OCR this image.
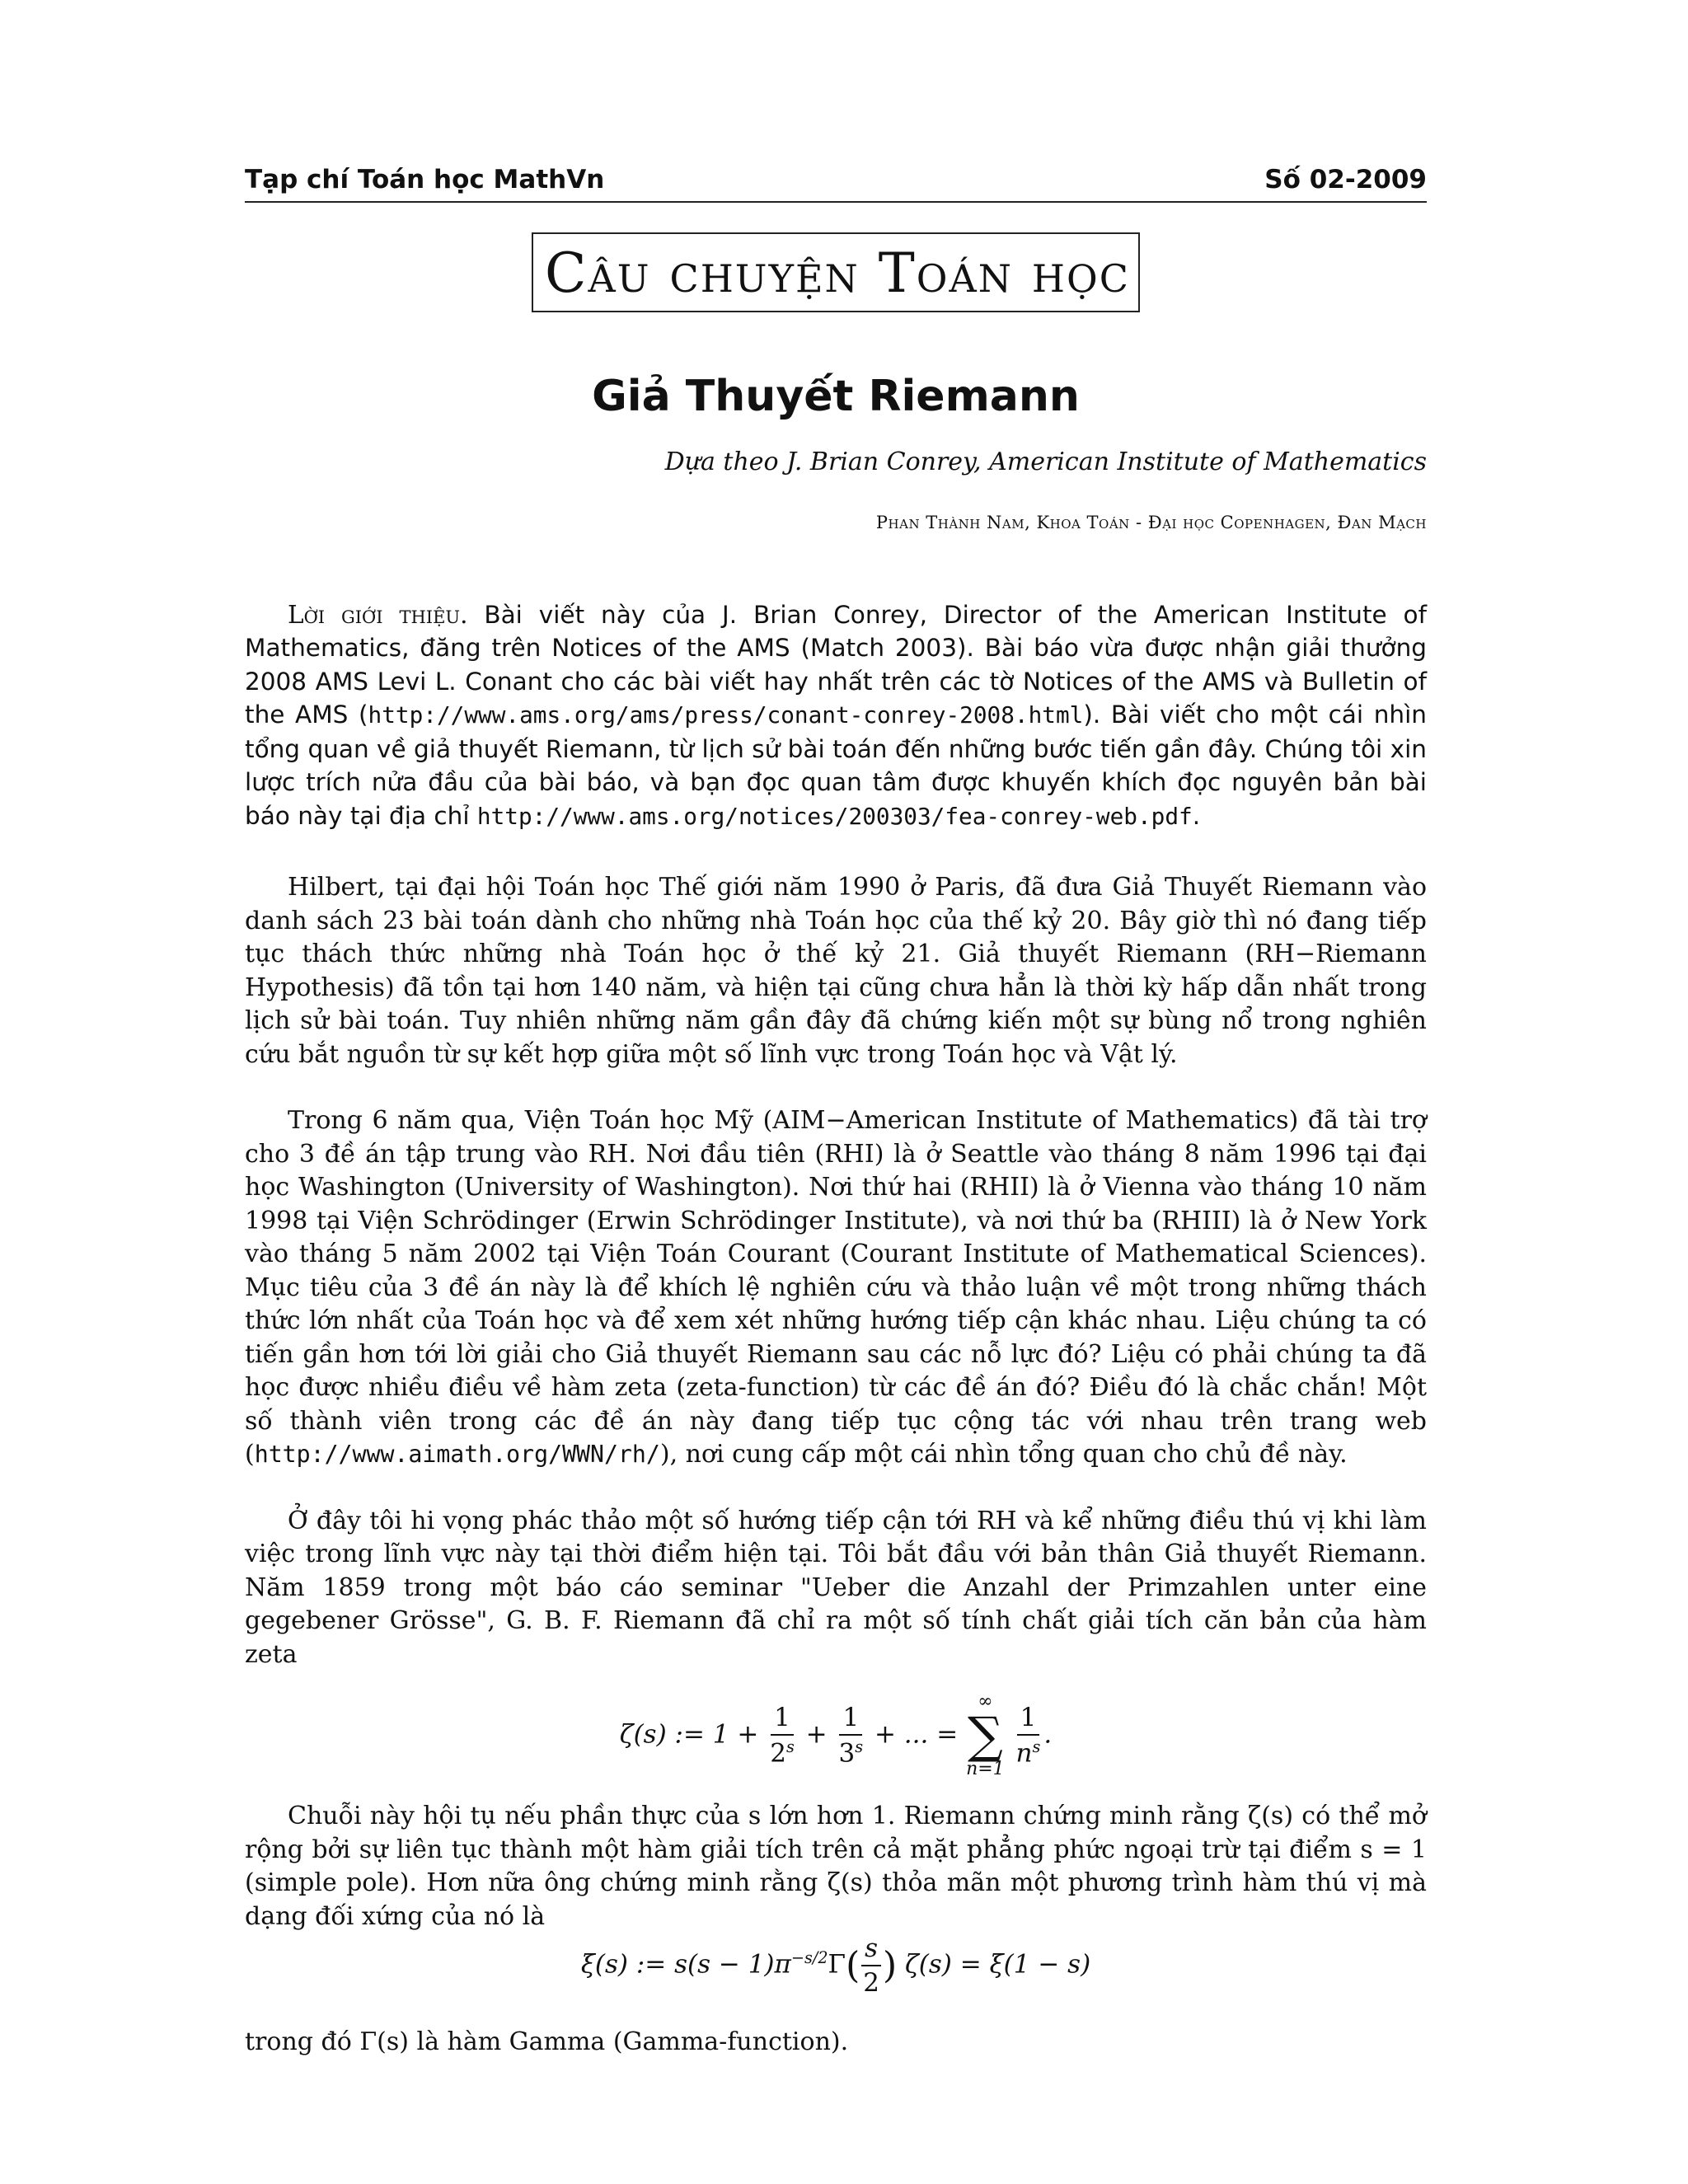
Tạp chí Toán học MathVn	Số 02-2009
Câu chuyện Toán học
Giả Thuyết Riemann
Dựa theo J. Brian Conrey, American Institute of Mathematics
Phan Thành Nam, Khoa Toán - Đại học Copenhagen, Đan Mạch

Lời giới thiệu. Bài viết này của J. Brian Conrey, Director of the American Institute of Mathematics, đăng trên Notices of the AMS (Match 2003). Bài báo vừa được nhận giải thưởng 2008 AMS Levi L. Conant cho các bài viết hay nhất trên các tờ Notices of the AMS và Bulletin of the AMS (http://www.ams.org/ams/press/conant-conrey-2008.html). Bài viết cho một cái nhìn tổng quan về giả thuyết Riemann, từ lịch sử bài toán đến những bước tiến gần đây. Chúng tôi xin lược trích nửa đầu của bài báo, và bạn đọc quan tâm được khuyến khích đọc nguyên bản bài báo này tại địa chỉ http://www.ams.org/notices/200303/fea-conrey-web.pdf.

Hilbert, tại đại hội Toán học Thế giới năm 1990 ở Paris, đã đưa Giả Thuyết Riemann vào danh sách 23 bài toán dành cho những nhà Toán học của thế kỷ 20. Bây giờ thì nó đang tiếp tục thách thức những nhà Toán học ở thế kỷ 21. Giả thuyết Riemann (RH−Riemann Hypothesis) đã tồn tại hơn 140 năm, và hiện tại cũng chưa hẳn là thời kỳ hấp dẫn nhất trong lịch sử bài toán. Tuy nhiên những năm gần đây đã chứng kiến một sự bùng nổ trong nghiên cứu bắt nguồn từ sự kết hợp giữa một số lĩnh vực trong Toán học và Vật lý.

Trong 6 năm qua, Viện Toán học Mỹ (AIM−American Institute of Mathematics) đã tài trợ cho 3 đề án tập trung vào RH. Nơi đầu tiên (RHI) là ở Seattle vào tháng 8 năm 1996 tại đại học Washington (University of Washington). Nơi thứ hai (RHII) là ở Vienna vào tháng 10 năm 1998 tại Viện Schrödinger (Erwin Schrödinger Institute), và nơi thứ ba (RHIII) là ở New York vào tháng 5 năm 2002 tại Viện Toán Courant (Courant Institute of Mathematical Sciences). Mục tiêu của 3 đề án này là để khích lệ nghiên cứu và thảo luận về một trong những thách thức lớn nhất của Toán học và để xem xét những hướng tiếp cận khác nhau. Liệu chúng ta có tiến gần hơn tới lời giải cho Giả thuyết Riemann sau các nỗ lực đó? Liệu có phải chúng ta đã học được nhiều điều về hàm zeta (zeta-function) từ các đề án đó? Điều đó là chắc chắn! Một số thành viên trong các đề án này đang tiếp tục cộng tác với nhau trên trang web (http://www.aimath.org/WWN/rh/), nơi cung cấp một cái nhìn tổng quan cho chủ đề này.

Ở đây tôi hi vọng phác thảo một số hướng tiếp cận tới RH và kể những điều thú vị khi làm việc trong lĩnh vực này tại thời điểm hiện tại. Tôi bắt đầu với bản thân Giả thuyết Riemann. Năm 1859 trong một báo cáo seminar "Ueber die Anzahl der Primzahlen unter eine gegebener Grösse", G. B. F. Riemann đã chỉ ra một số tính chất giải tích căn bản của hàm zeta

ζ(s) := $1 + \frac{1}{2^s} + \frac{1}{3^s}$ + ... =
∞
∑
n=1

$\frac{1}{n^s}$ .

Chuỗi này hội tụ nếu phần thực của s lớn hơn 1. Riemann chứng minh rằng ζ(s) có thể mở rộng bởi sự liên tục thành một hàm giải tích trên cả mặt phẳng phức ngoại trừ tại điểm s = 1 (simple pole). Hơn nữa ông chứng minh rằng ζ(s) thỏa mãn một phương trình hàm thú vị mà dạng đối xứng của nó là

ξ(s) := $s(s - 1)\pi^{-s/2}\Gamma( \frac{s}{2}$ ) ζ(s) = ξ(1 − s)

trong đó Γ(s) là hàm Gamma (Gamma-function).
